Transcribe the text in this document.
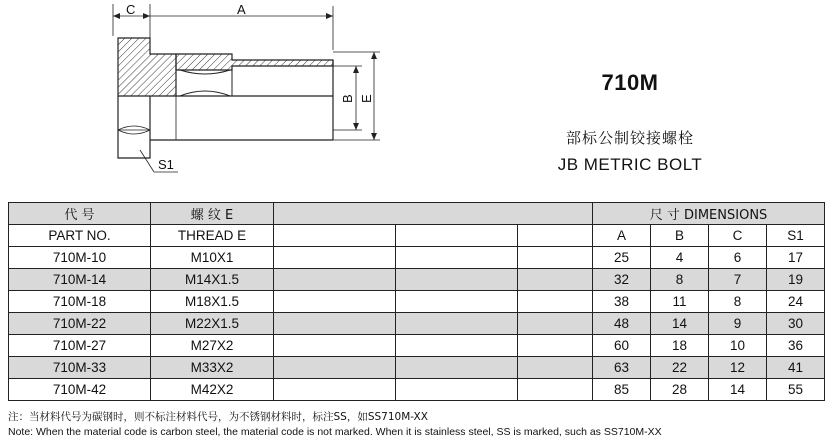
C	A
B E
S1
710M
部标公制铰接螺栓
JB METRIC BOLT
代 号	螺 纹 E				尺 寸 DIMENSIONS			
PART NO.	THREAD E				A	B	C	S1
710M-10	M10X1				25	4	6	17
710M-14	M14X1.5				32	8	7	19
710M-18	M18X1.5				38	11	8	24
710M-22	M22X1.5				48	14	9	30
710M-27	M27X2				60	18	10	36
710M-33	M33X2				63	22	12	41
710M-42	M42X2				85	28	14	55
注：当材料代号为碳钢时，则不标注材料代号，为不锈钢材料时，标注SS，如SS710M-XX
Note: When the material code is carbon steel, the material code is not marked. When it is stainless steel, SS is marked, such as SS710M-XX
